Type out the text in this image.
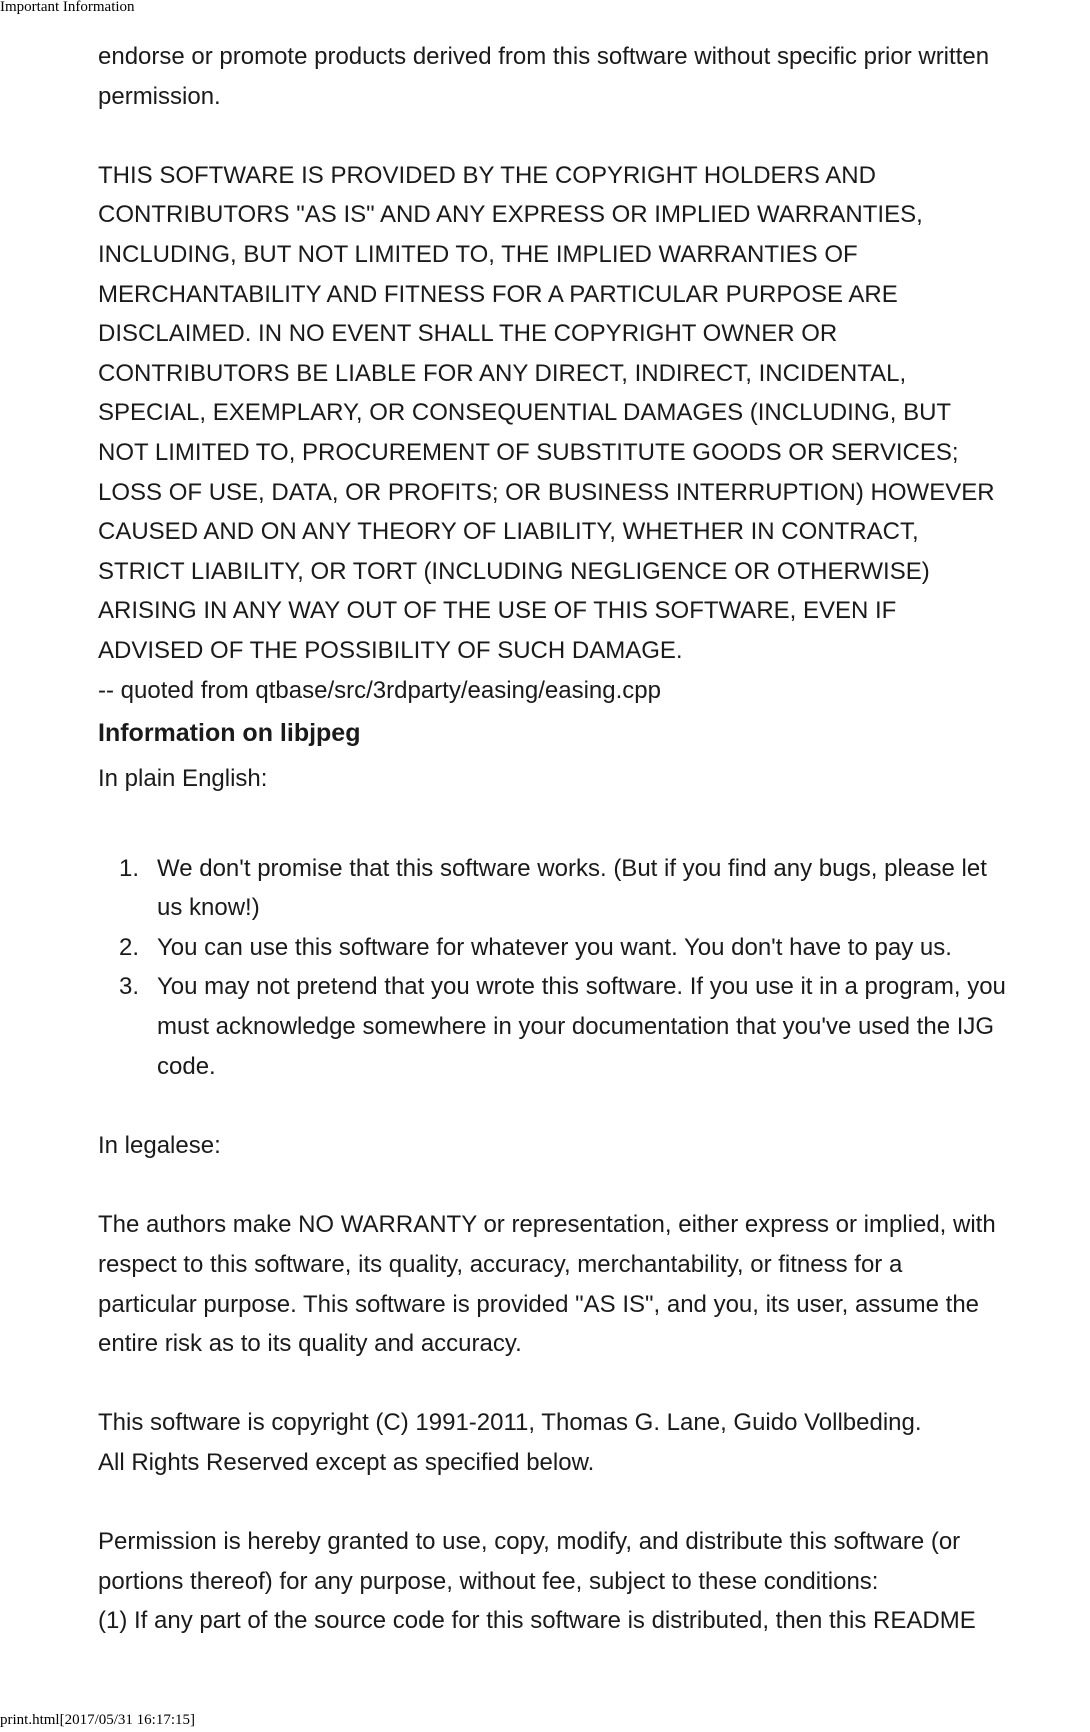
Important Information

endorse or promote products derived from this software without specific prior written
permission.

THIS SOFTWARE IS PROVIDED BY THE COPYRIGHT HOLDERS AND
CONTRIBUTORS "AS IS" AND ANY EXPRESS OR IMPLIED WARRANTIES,
INCLUDING, BUT NOT LIMITED TO, THE IMPLIED WARRANTIES OF
MERCHANTABILITY AND FITNESS FOR A PARTICULAR PURPOSE ARE
DISCLAIMED. IN NO EVENT SHALL THE COPYRIGHT OWNER OR
CONTRIBUTORS BE LIABLE FOR ANY DIRECT, INDIRECT, INCIDENTAL,
SPECIAL, EXEMPLARY, OR CONSEQUENTIAL DAMAGES (INCLUDING, BUT
NOT LIMITED TO, PROCUREMENT OF SUBSTITUTE GOODS OR SERVICES;
LOSS OF USE, DATA, OR PROFITS; OR BUSINESS INTERRUPTION) HOWEVER
CAUSED AND ON ANY THEORY OF LIABILITY, WHETHER IN CONTRACT,
STRICT LIABILITY, OR TORT (INCLUDING NEGLIGENCE OR OTHERWISE)
ARISING IN ANY WAY OUT OF THE USE OF THIS SOFTWARE, EVEN IF
ADVISED OF THE POSSIBILITY OF SUCH DAMAGE.
-- quoted from qtbase/src/3rdparty/easing/easing.cpp

Information on libjpeg

In plain English:

1. We don't promise that this software works. (But if you find any bugs, please let
us know!)
2. You can use this software for whatever you want. You don't have to pay us.
3. You may not pretend that you wrote this software. If you use it in a program, you
must acknowledge somewhere in your documentation that you've used the IJG
code.

In legalese:

The authors make NO WARRANTY or representation, either express or implied, with
respect to this software, its quality, accuracy, merchantability, or fitness for a
particular purpose. This software is provided "AS IS", and you, its user, assume the
entire risk as to its quality and accuracy.

This software is copyright (C) 1991-2011, Thomas G. Lane, Guido Vollbeding.
All Rights Reserved except as specified below.

Permission is hereby granted to use, copy, modify, and distribute this software (or
portions thereof) for any purpose, without fee, subject to these conditions:
(1) If any part of the source code for this software is distributed, then this README

print.html[2017/05/31 16:17:15]
